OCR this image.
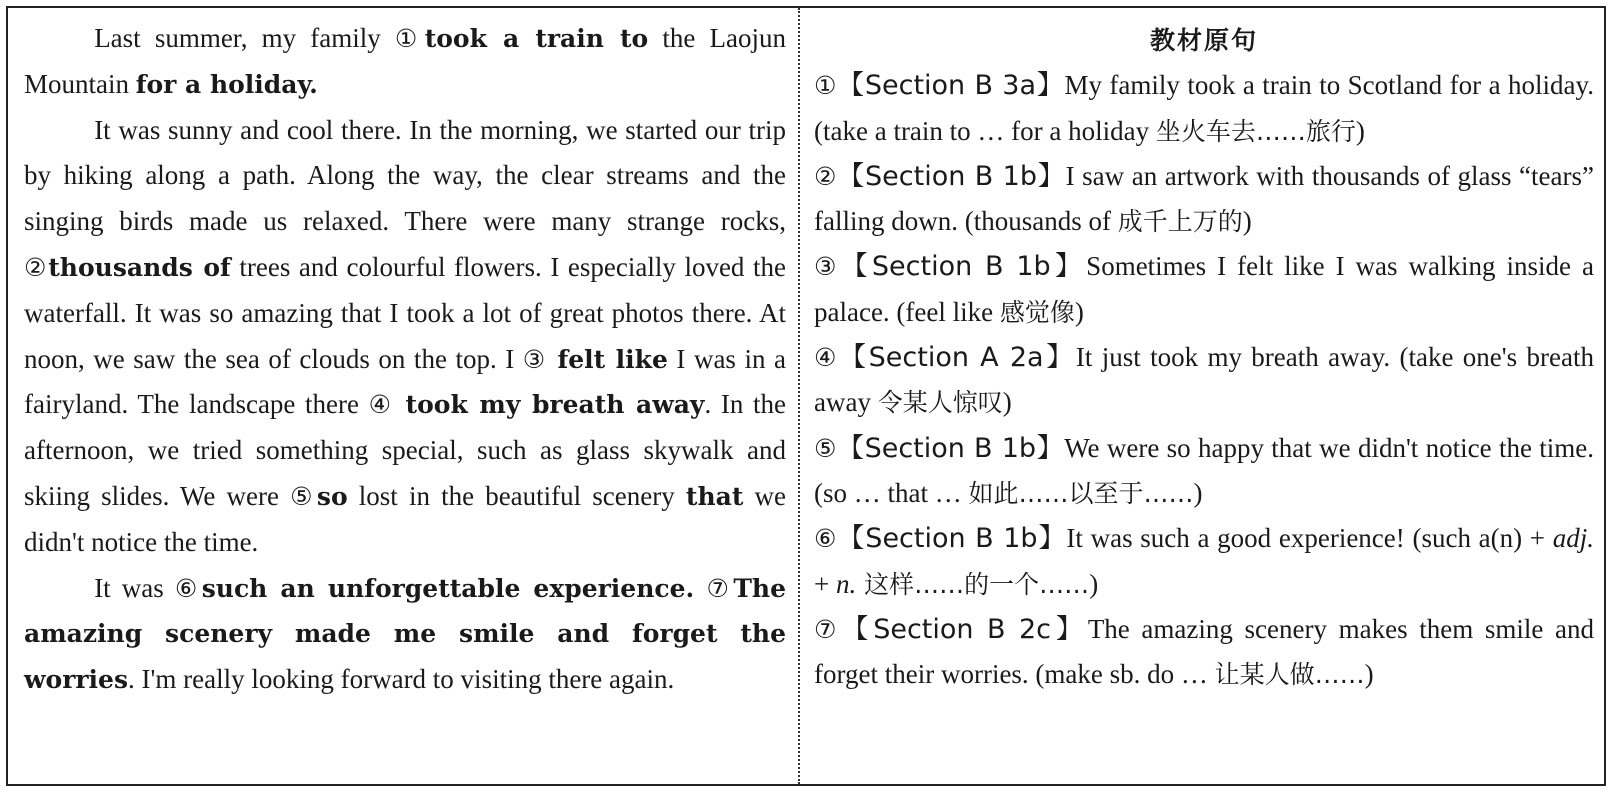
Last summer, my family ①took a train to the Laojun Mountain for a holiday.

It was sunny and cool there. In the morning, we started our trip by hiking along a path. Along the way, the clear streams and the singing birds made us relaxed. There were many strange rocks, ②thousands of trees and colourful flowers. I especially loved the waterfall. It was so amazing that I took a lot of great photos there. At noon, we saw the sea of clouds on the top. I ③ felt like I was in a fairyland. The landscape there ④ took my breath away. In the afternoon, we tried something special, such as glass skywalk and skiing slides. We were ⑤so lost in the beautiful scenery that we didn't notice the time.

It was ⑥such an unforgettable experience. ⑦The amazing scenery made me smile and forget the worries. I'm really looking forward to visiting there again.

教材原句

①【Section B 3a】My family took a train to Scotland for a holiday. (take a train to … for a holiday 坐火车去……旅行)

②【Section B 1b】I saw an artwork with thousands of glass “tears” falling down. (thousands of 成千上万的)

③【Section B 1b】Sometimes I felt like I was walking inside a palace. (feel like 感觉像)

④【Section A 2a】It just took my breath away. (take one's breath away 令某人惊叹)

⑤【Section B 1b】We were so happy that we didn't notice the time. (so … that … 如此……以至于……)

⑥【Section B 1b】It was such a good experience! (such a(n) + adj. + n. 这样……的一个……)

⑦【Section B 2c】The amazing scenery makes them smile and forget their worries. (make sb. do … 让某人做……)
